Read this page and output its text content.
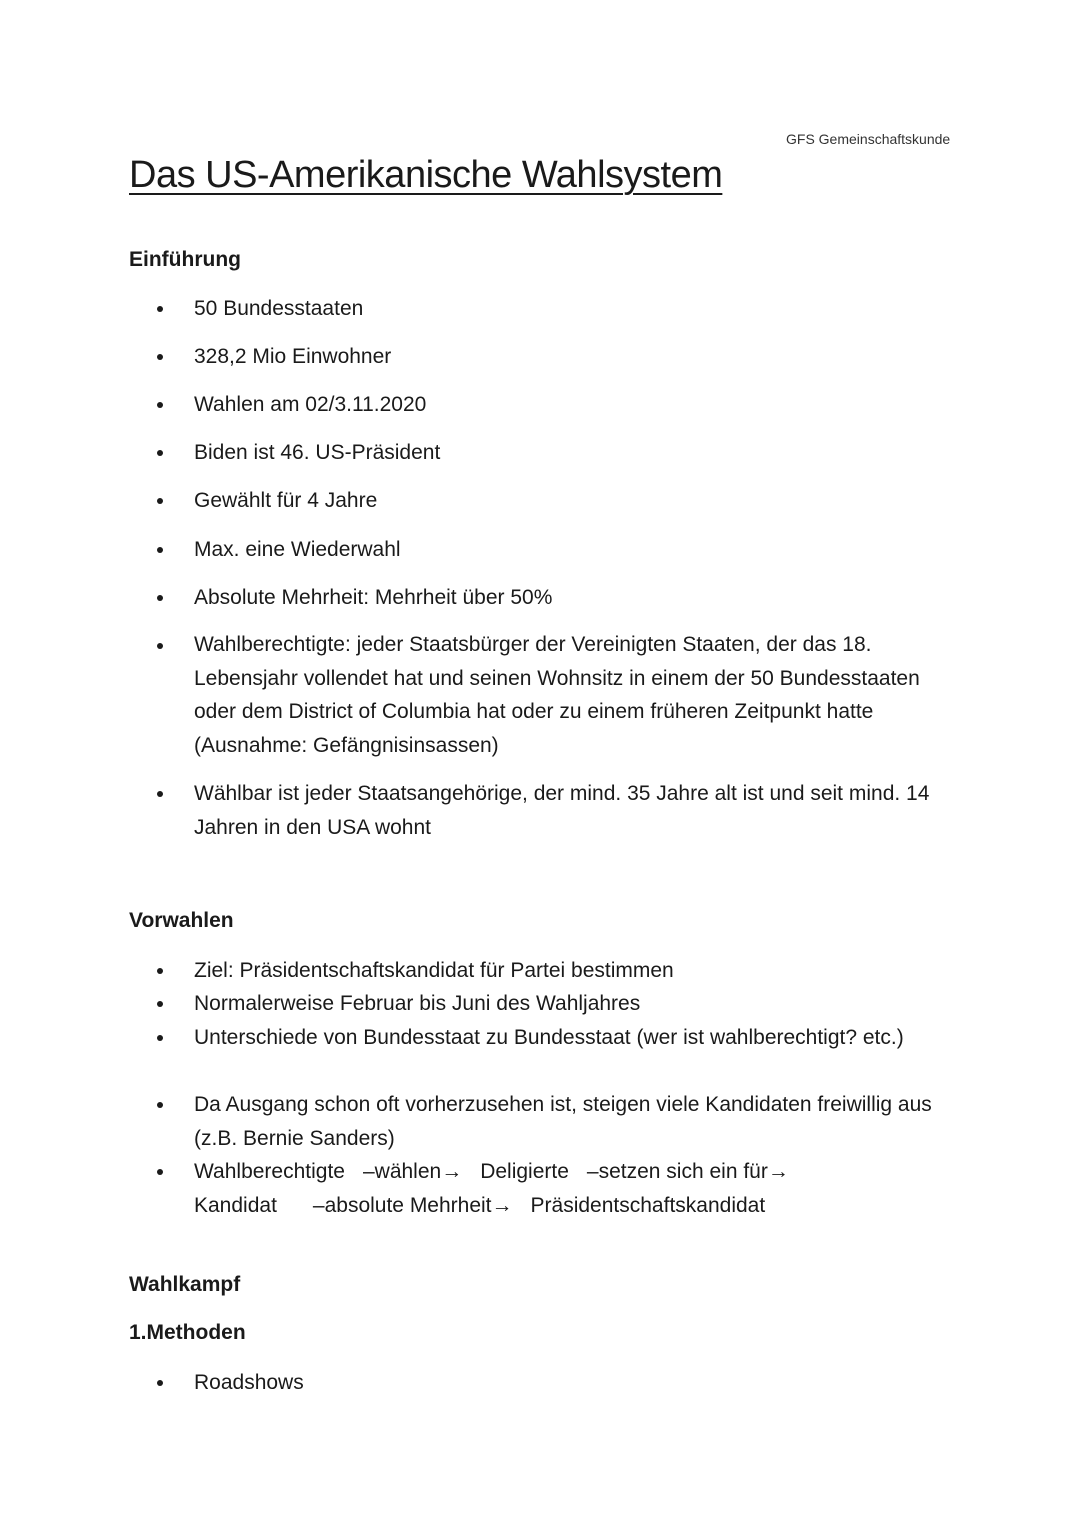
GFS Gemeinschaftskunde
Das US-Amerikanische Wahlsystem
Einführung

50 Bundesstaaten

328,2 Mio Einwohner

Wahlen am 02/3.11.2020

Biden ist 46. US-Präsident

Gewählt für 4 Jahre

Max. eine Wiederwahl

Absolute Mehrheit: Mehrheit über 50%

Wahlberechtigte: jeder Staatsbürger der Vereinigten Staaten, der das 18. Lebensjahr vollendet hat und seinen Wohnsitz in einem der 50 Bundesstaaten oder dem District of Columbia hat oder zu einem früheren Zeitpunkt hatte (Ausnahme: Gefängnisinsassen)

Wählbar ist jeder Staatsangehörige, der mind. 35 Jahre alt ist und seit mind. 14 Jahren in den USA wohnt

Vorwahlen

Ziel: Präsidentschaftskandidat für Partei bestimmen

Normalerweise Februar bis Juni des Wahljahres

Unterschiede von Bundesstaat zu Bundesstaat (wer ist wahlberechtigt? etc.)

Da Ausgang schon oft vorherzusehen ist, steigen viele Kandidaten freiwillig aus (z.B. Bernie Sanders)

Wahlberechtigte –wählen→ Deligierte –setzen sich ein für→
Kandidat –absolute Mehrheit→ Präsidentschaftskandidat

Wahlkampf
1.Methoden

Roadshows
